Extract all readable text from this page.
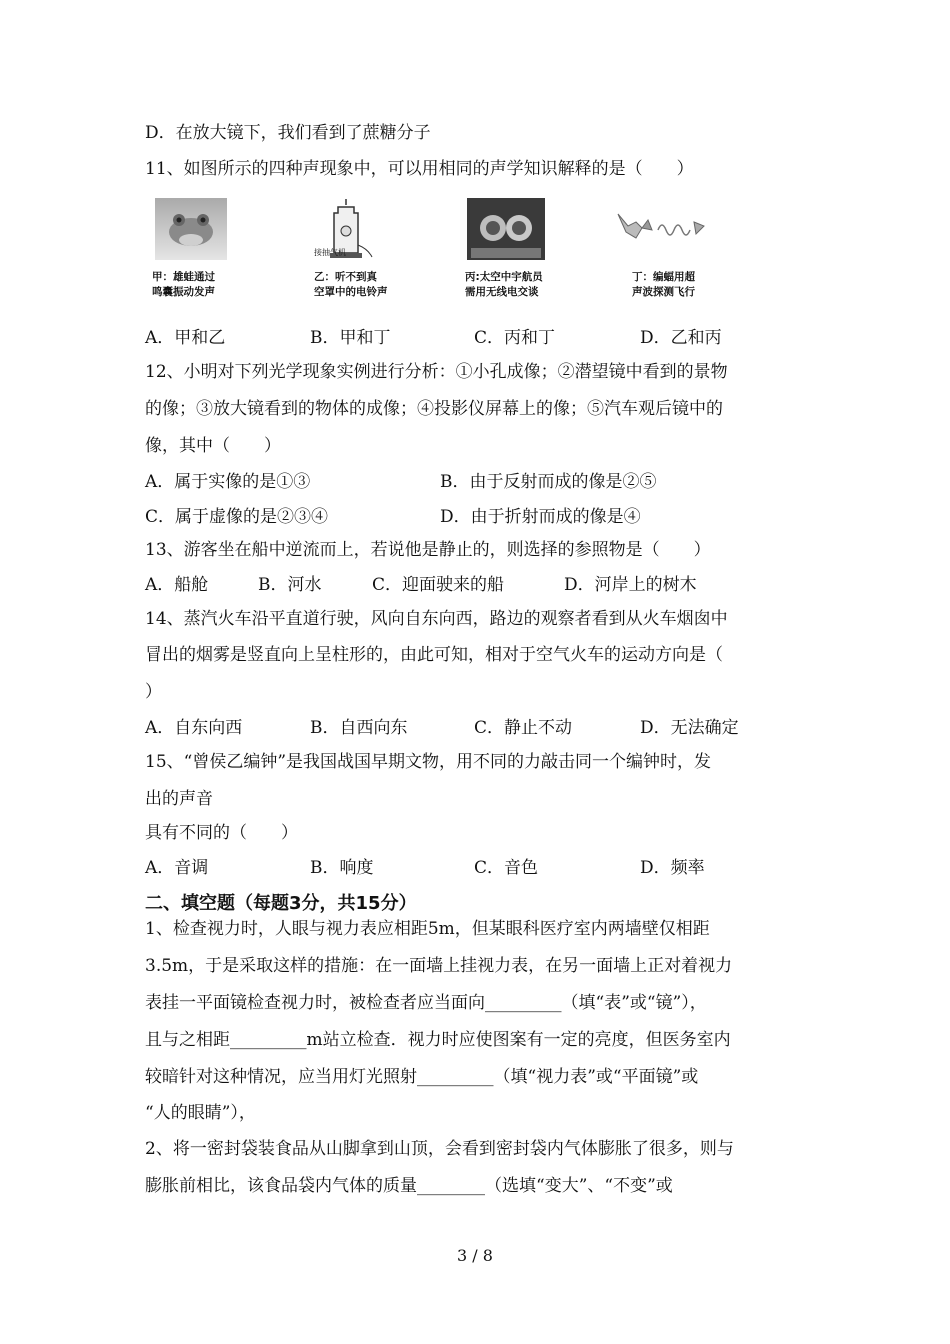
D．在放大镜下，我们看到了蔗糖分子
11、如图所示的四种声现象中，可以用相同的声学知识解释的是（　　）
甲：雄蛙通过
鸣囊振动发声
接抽气机
乙：听不到真
空罩中的电铃声
丙:太空中宇航员
需用无线电交谈
丁：编蝠用超
声波探测飞行
A．甲和乙	B．甲和丁	C．丙和丁	D．乙和丙
12、小明对下列光学现象实例进行分析：①小孔成像；②潜望镜中看到的景物
的像；③放大镜看到的物体的成像；④投影仪屏幕上的像；⑤汽车观后镜中的
像，其中（　　）
A．属于实像的是①③	B．由于反射而成的像是②⑤
C．属于虚像的是②③④	D．由于折射而成的像是④
13、游客坐在船中逆流而上，若说他是静止的，则选择的参照物是（　　）
A．船舱	B．河水	C．迎面驶来的船	D．河岸上的树木
14、蒸汽火车沿平直道行驶，风向自东向西，路边的观察者看到从火车烟囱中
冒出的烟雾是竖直向上呈柱形的，由此可知，相对于空气火车的运动方向是（
）
A．自东向西	B．自西向东	C．静止不动	D．无法确定
15、“曾侯乙编钟”是我国战国早期文物，用不同的力敲击同一个编钟时，发
出的声音
具有不同的（　　）
A．音调	B．响度	C．音色	D．频率
二、填空题（每题3分，共15分）
1、检查视力时，人眼与视力表应相距5m，但某眼科医疗室内两墙壁仅相距
3.5m，于是采取这样的措施：在一面墙上挂视力表，在另一面墙上正对着视力
表挂一平面镜检查视力时，被检查者应当面向_________（填“表”或“镜”），
且与之相距_________m站立检查．视力时应使图案有一定的亮度，但医务室内
较暗针对这种情况，应当用灯光照射_________（填“视力表”或“平面镜”或
“人的眼睛”），
2、将一密封袋装食品从山脚拿到山顶，会看到密封袋内气体膨胀了很多，则与
膨胀前相比，该食品袋内气体的质量________（选填“变大”、“不变”或
3 / 8
